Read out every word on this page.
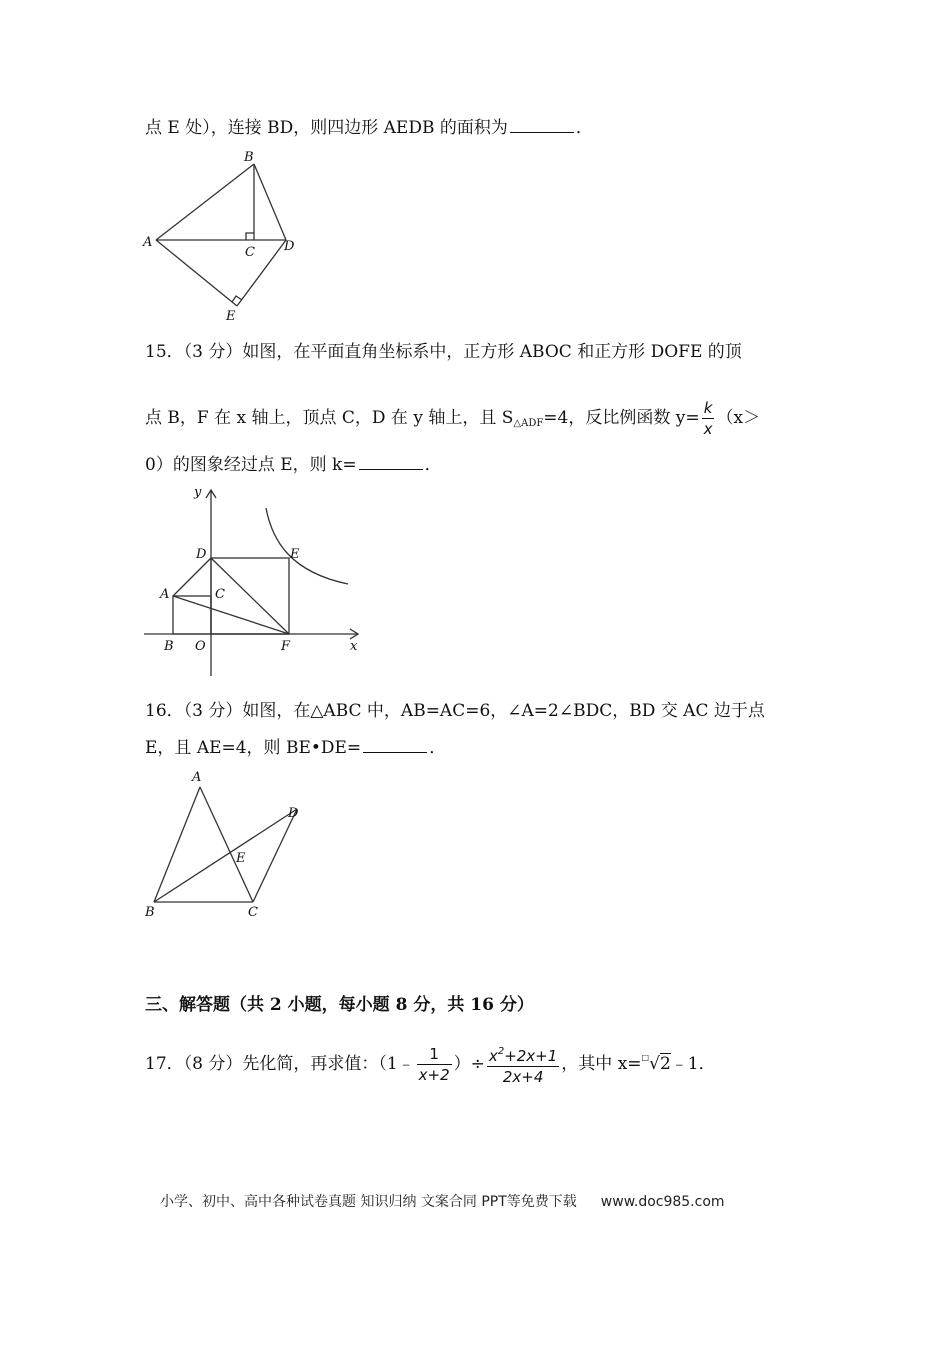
点 E 处），连接 BD，则四边形 AEDB 的面积为	．
B
A
C D
E
15．（3 分）如图，在平面直角坐标系中，正方形 ABOC 和正方形 DOFE 的顶
点 B，F 在 x 轴上，顶点 C，D 在 y 轴上，且 $S_{\triangle ADF}=4$，反比例函数 $y= \frac{k}{x} (x>$
0）的图象经过点 E，则 k=	．
y
D	E
A	C
B O	F	x
16．（3 分）如图，在△ABC 中，AB=AC=6，∠A=2∠BDC，BD 交 AC 边于点
E，且 AE=4，则 BE•DE=	．
A
D
E
B	C
三、解答题（共 2 小题，每小题 8 分，共 16 分）
17．（8 分）先化简，再求值：（1﹣ $\frac{1}{x+2}$ ）÷ $\frac{x^2+2x+1}{2x+4}$ ，其中 x=□√2﹣1．
小学、初中、高中各种试卷真题 知识归纳 文案合同 PPT等免费下载 www.doc985.com
